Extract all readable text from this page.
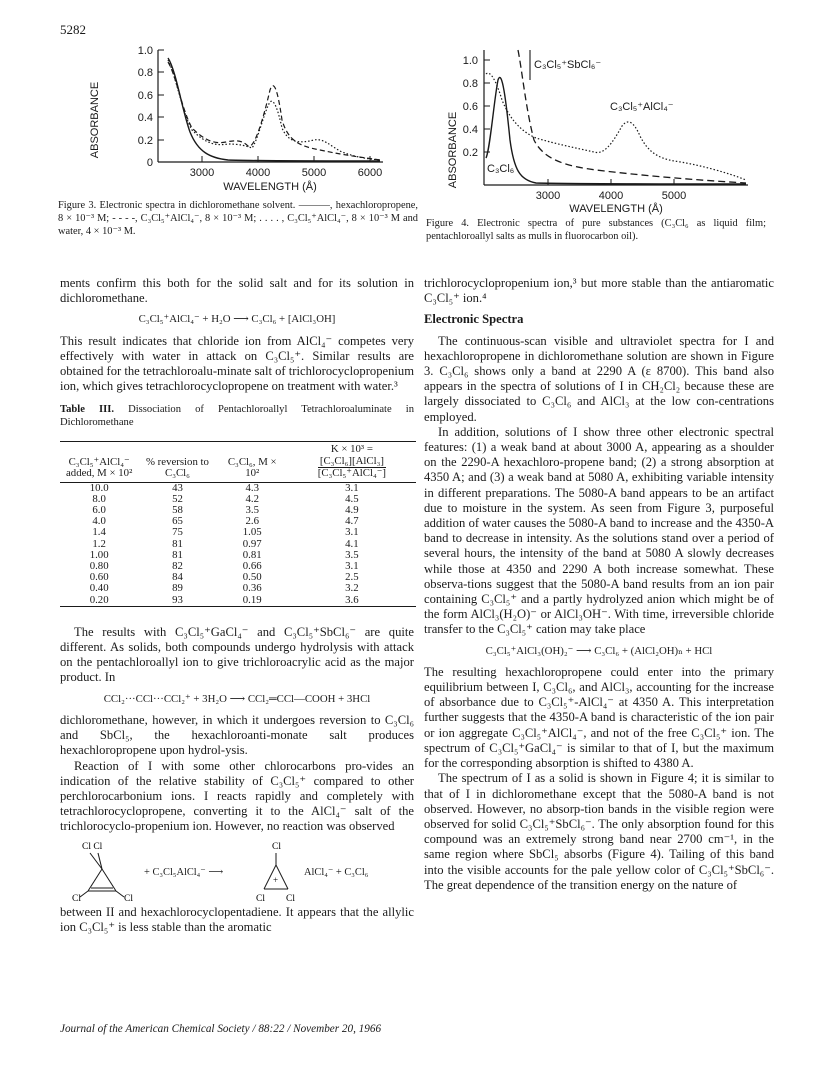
5282
ABSORBANCE
1.0
0.8
0.6
0.4
0.2
0
3000	4000	5000	6000
WAVELENGTH (Å)
Figure 3. Electronic spectra in dichloromethane solvent. ———, hexachloropropene, 8 × 10⁻³ M; - - - -, C₃Cl₅⁺AlCl₄⁻, 8 × 10⁻³ M; . . . . , C₃Cl₅⁺AlCl₄⁻, 8 × 10⁻³ M and water, 4 × 10⁻³ M.
ABSORBANCE
1.0
0.8
0.6
0.4
0.2
3000	4000	5000
WAVELENGTH (Å)
C₃Cl₅⁺SbCl₆⁻
C₃Cl₅⁺AlCl₄⁻
C₃Cl₆
Figure 4. Electronic spectra of pure substances (C₃Cl₆ as liquid film; pentachloroallyl salts as mulls in fluorocarbon oil).

ments confirm this both for the solid salt and for its solution in dichloromethane.

C₃Cl₅⁺AlCl₄⁻ + H₂O ⟶ C₃Cl₆ + [AlCl₃OH]

This result indicates that chloride ion from AlCl₄⁻ competes very effectively with water in attack on C₃Cl₅⁺. Similar results are obtained for the tetrachloroalu-minate salt of trichlorocyclopropenium ion, which gives tetrachlorocyclopropene on treatment with water.³

Table III. Dissociation of Pentachloroallyl Tetrachloroaluminate in Dichloromethane
C₃Cl₅⁺AlCl₄⁻ added, M × 10²	% reversion to C₃Cl₆	C₃Cl₆, M × 10²	K × 10³ =
$\frac{\text{[C₃Cl₆][AlCl₃]}}{\text{[C₃Cl₅⁺AlCl₄⁻]}}$
10.0	43	4.3	3.1
8.0	52	4.2	4.5
6.0	58	3.5	4.9
4.0	65	2.6	4.7
1.4	75	1.05	3.1
1.2	81	0.97	4.1
1.00	81	0.81	3.5
0.80	82	0.66	3.1
0.60	84	0.50	2.5
0.40	89	0.36	3.2
0.20	93	0.19	3.6

The results with C₃Cl₅⁺GaCl₄⁻ and C₃Cl₅⁺SbCl₆⁻ are quite different. As solids, both compounds undergo hydrolysis with attack on the pentachloroallyl ion to give trichloroacrylic acid as the major product. In

CCl₂···CCl···CCl₂⁺ + 3H₂O ⟶ CCl₂═CCl—COOH + 3HCl

dichloromethane, however, in which it undergoes reversion to C₃Cl₆ and SbCl₅, the hexachloroanti-monate salt produces hexachloropropene upon hydrol-ysis.

Reaction of I with some other chlorocarbons pro-vides an indication of the relative stability of C₃Cl₅⁺ compared to other perchlorocarbonium ions. I reacts rapidly and completely with tetrachlorocyclopropene, converting it to the AlCl₄⁻ salt of the trichlorocyclo-propenium ion. However, no reaction was observed

Cl Cl
Cl	Cl
Cl
+
Cl Cl
+ C₃Cl₅AlCl₄⁻ ⟶	AlCl₄⁻ + C₃Cl₆

between II and hexachlorocyclopentadiene. It appears that the allylic ion C₃Cl₅⁺ is less stable than the aromatic

trichlorocyclopropenium ion,³ but more stable than the antiaromatic C₃Cl₅⁺ ion.⁴

Electronic Spectra

The continuous-scan visible and ultraviolet spectra for I and hexachloropropene in dichloromethane solution are shown in Figure 3. C₃Cl₆ shows only a band at 2290 A (ε 8700). This band also appears in the spectra of solutions of I in CH₂Cl₂ because these are largely dissociated to C₃Cl₆ and AlCl₃ at the low con-centrations employed.

In addition, solutions of I show three other electronic spectral features: (1) a weak band at about 3000 A, appearing as a shoulder on the 2290-A hexachloro-propene band; (2) a strong absorption at 4350 A; and (3) a weak band at 5080 A, exhibiting variable intensity in different preparations. The 5080-A band appears to be an artifact due to moisture in the system. As seen from Figure 3, purposeful addition of water causes the 5080-A band to increase and the 4350-A band to decrease in intensity. As the solutions stand over a period of several hours, the intensity of the band at 5080 A slowly decreases while those at 4350 and 2290 A both increase somewhat. These observa-tions suggest that the 5080-A band results from an ion pair containing C₃Cl₅⁺ and a partly hydrolyzed anion which might be of the form AlCl₃(H₂O)⁻ or AlCl₃OH⁻. With time, irreversible chloride transfer to the C₃Cl₅⁺ cation may take place

C₃Cl₅⁺AlCl₃(OH)₂⁻ ⟶ C₃Cl₆ + (AlCl₂OH)ₙ + HCl

The resulting hexachloropropene could enter into the primary equilibrium between I, C₃Cl₆, and AlCl₃, accounting for the increase of absorbance due to C₃Cl₅⁺-AlCl₄⁻ at 4350 A. This interpretation further suggests that the 4350-A band is characteristic of the ion pair or ion aggregate C₃Cl₅⁺AlCl₄⁻, and not of the free C₃Cl₅⁺ ion. The spectrum of C₃Cl₅⁺GaCl₄⁻ is similar to that of I, but the maximum for the corresponding absorption is shifted to 4380 A.

The spectrum of I as a solid is shown in Figure 4; it is similar to that of I in dichloromethane except that the 5080-A band is not observed. However, no absorp-tion bands in the visible region were observed for solid C₃Cl₅⁺SbCl₆⁻. The only absorption found for this compound was an extremely strong band near 2700 cm⁻¹, in the same region where SbCl₅ absorbs (Figure 4). Tailing of this band into the visible accounts for the pale yellow color of C₃Cl₅⁺SbCl₆⁻. The great dependence of the transition energy on the nature of

Journal of the American Chemical Society / 88:22 / November 20, 1966
